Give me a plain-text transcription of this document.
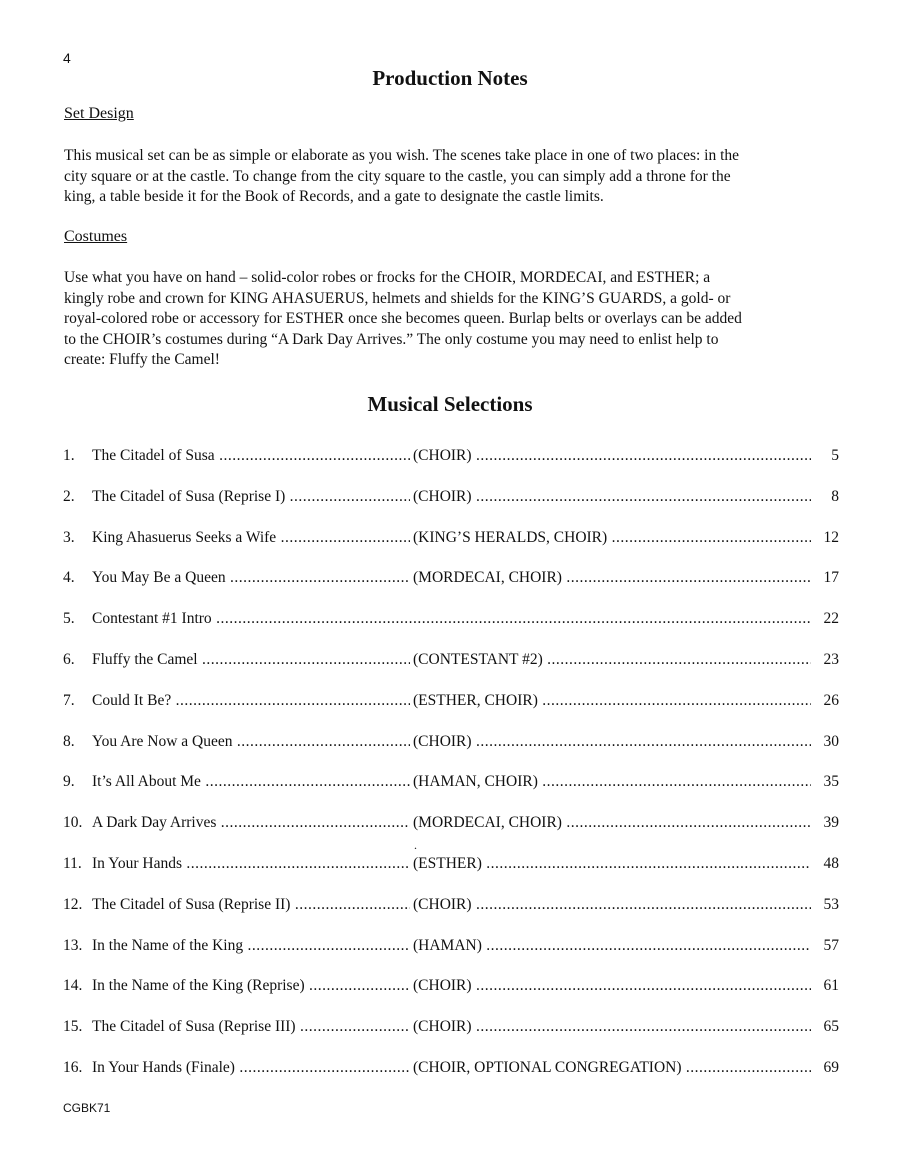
4
Production Notes
Set Design
This musical set can be as simple or elaborate as you wish. The scenes take place in one of two places: in the
city square or at the castle. To change from the city square to the castle, you can simply add a throne for the
king, a table beside it for the Book of Records, and a gate to designate the castle limits.
Costumes
Use what you have on hand – solid-color robes or frocks for the CHOIR, MORDECAI, and ESTHER; a
kingly robe and crown for KING AHASUERUS, helmets and shields for the KING’S GUARDS, a gold- or
royal-colored robe or accessory for ESTHER once she becomes queen. Burlap belts or overlays can be added
to the CHOIR’s costumes during “A Dark Day Arrives.” The only costume you may need to enlist help to
create: Fluffy the Camel!
Musical Selections
1.	The Citadel of Susa .....	(CHOIR) .....	5
2.	The Citadel of Susa (Reprise I) .....	(CHOIR) .....	8
3.	King Ahasuerus Seeks a Wife .....	(KING’S HERALDS, CHOIR) .....	12
4.	You May Be a Queen .....	(MORDECAI, CHOIR) .....	17
5.	Contestant #1 Intro .....	22
6.	Fluffy the Camel .....	(CONTESTANT #2) .....	23
7.	Could It Be? .....	(ESTHER, CHOIR) .....	26
8.	You Are Now a Queen .....	(CHOIR) .....	30
9.	It’s All About Me .....	(HAMAN, CHOIR) .....	35
10. A Dark Day Arrives .....	(MORDECAI, CHOIR) .....	39
11. In Your Hands .....	(ESTHER) .....	48
12. The Citadel of Susa (Reprise II) .....	(CHOIR) .....	53
13. In the Name of the King .....	(HAMAN) .....	57
14. In the Name of the King (Reprise) .....	(CHOIR) .....	61
15. The Citadel of Susa (Reprise III) .....	(CHOIR) .....	65
16. In Your Hands (Finale) .....	(CHOIR, OPTIONAL CONGREGATION) .....	69
.
CGBK71
